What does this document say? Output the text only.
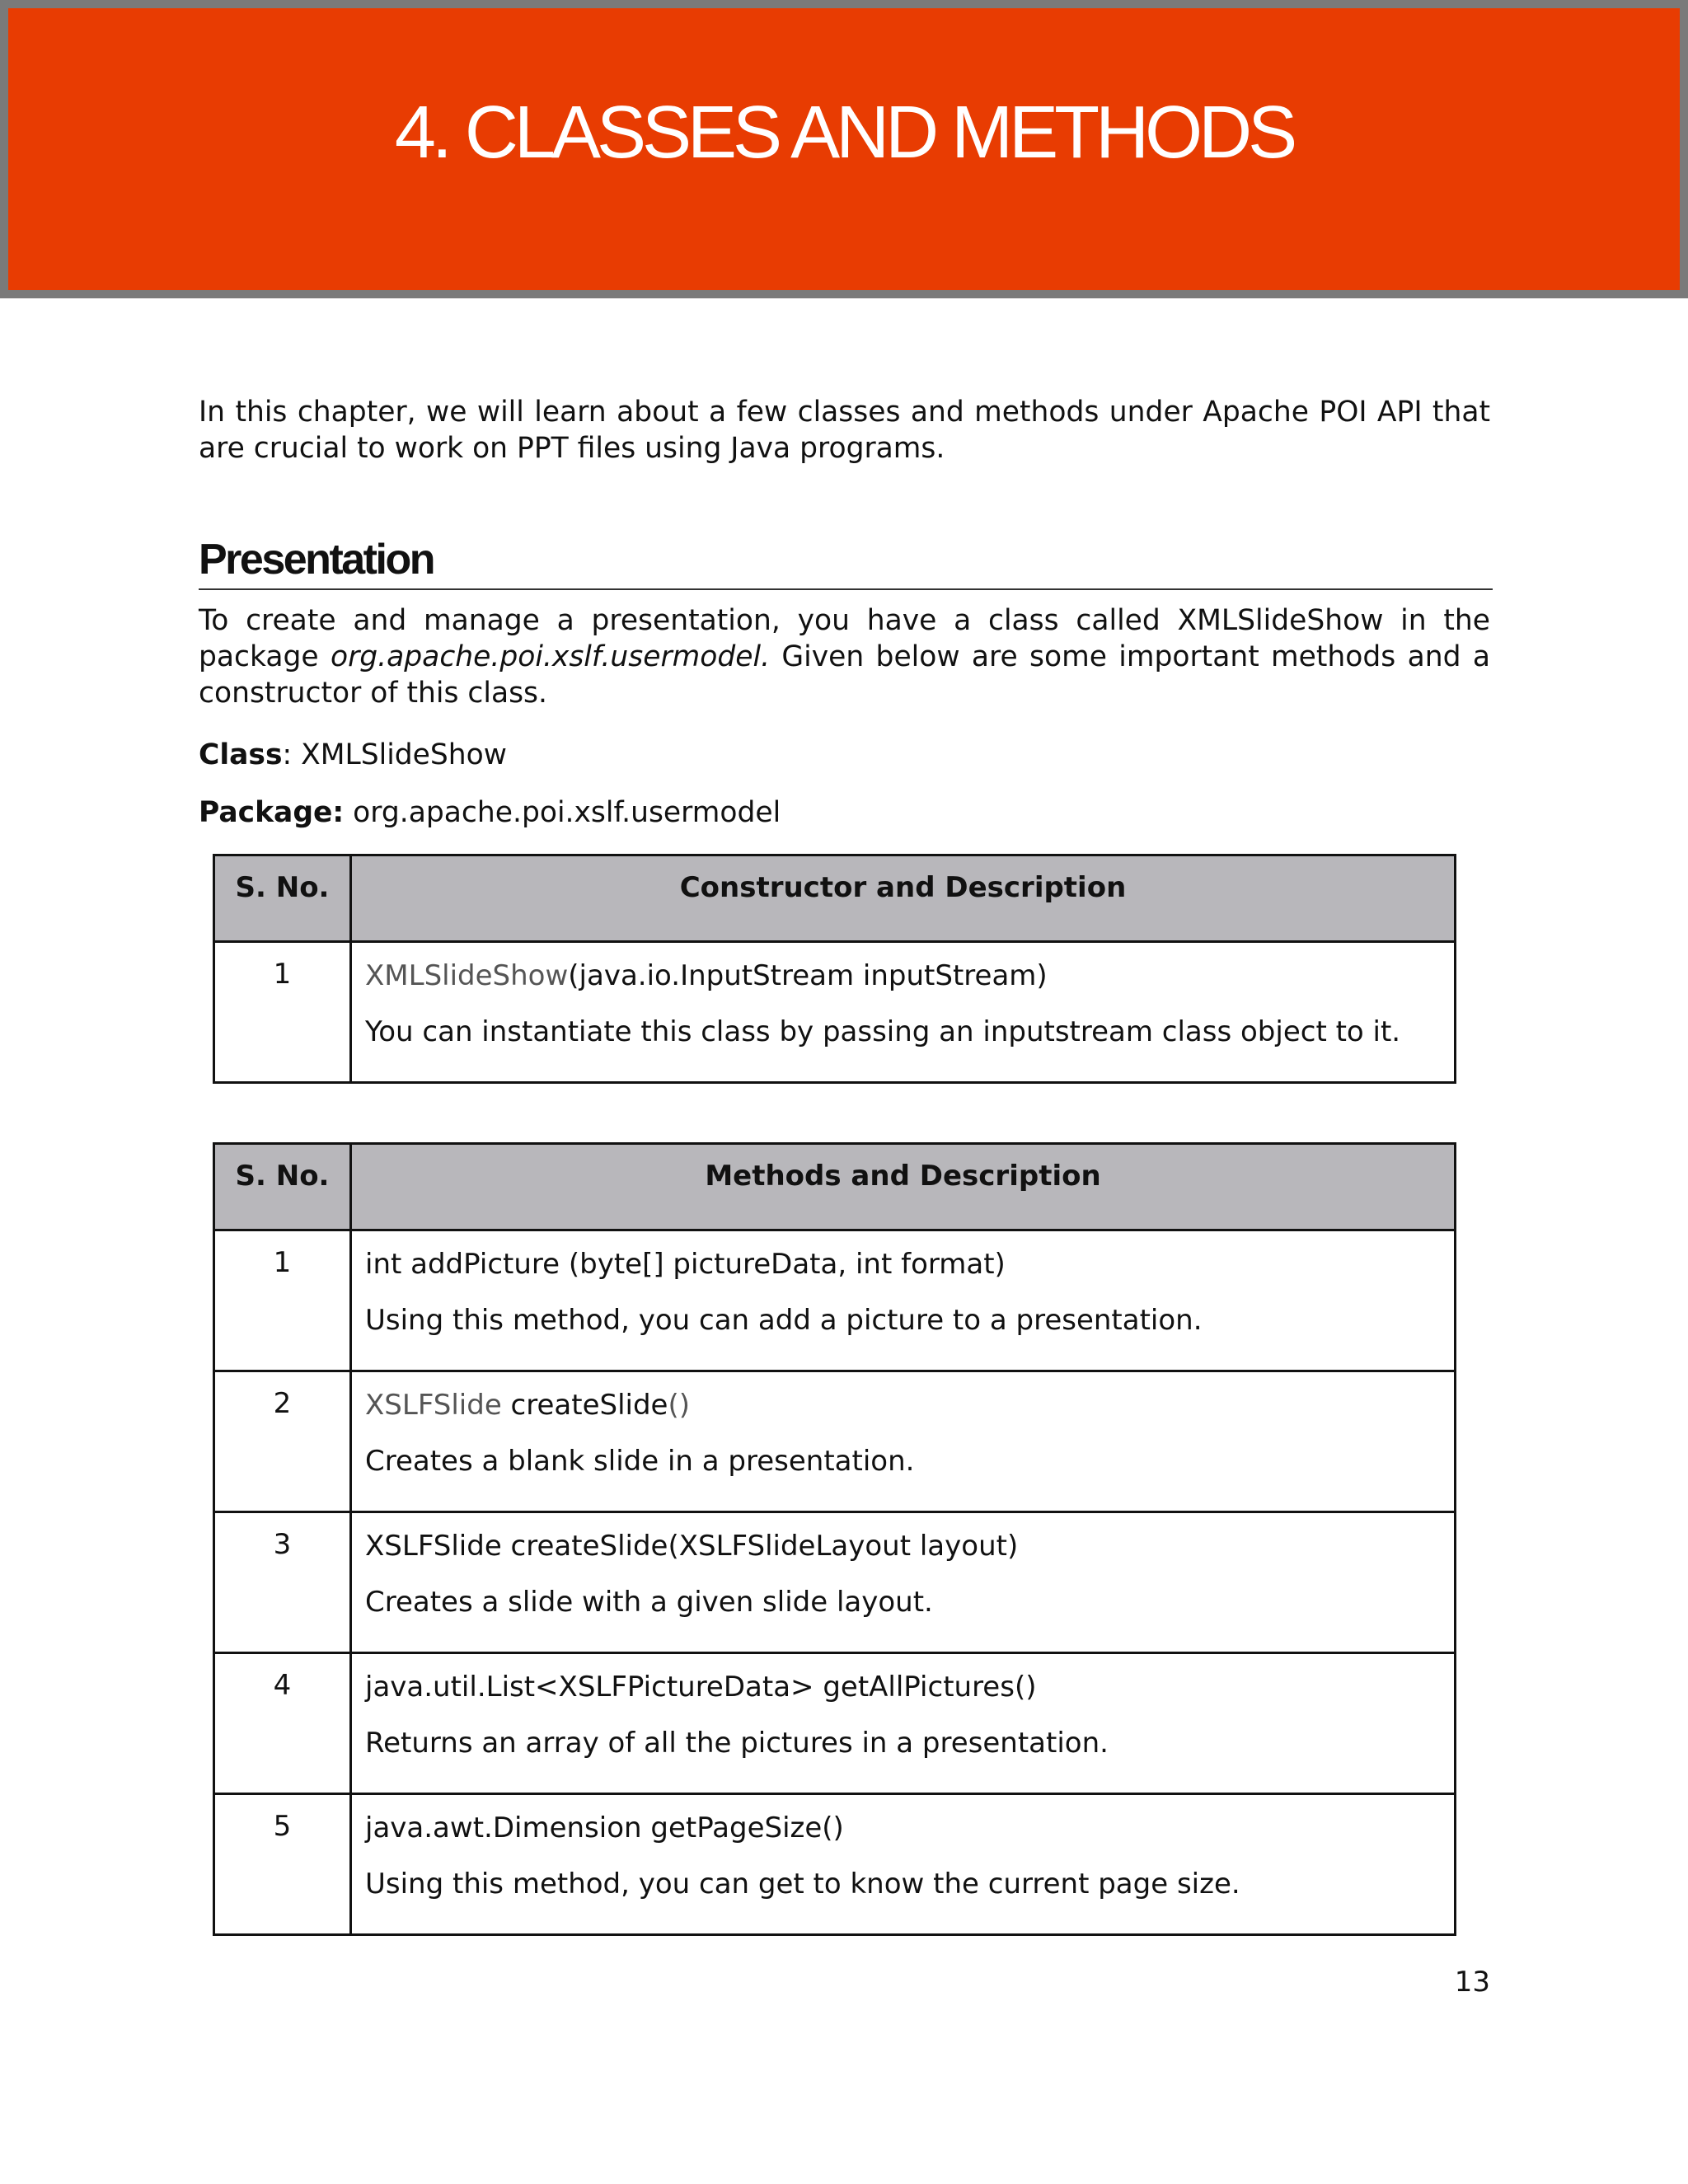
4. CLASSES AND METHODS

In this chapter, we will learn about a few classes and methods under Apache POI API that are crucial to work on PPT files using Java programs.

Presentation

To create and manage a presentation, you have a class called XMLSlideShow in the package org.apache.poi.xslf.usermodel. Given below are some important methods and a constructor of this class.

Class: XMLSlideShow
Package: org.apache.poi.xslf.usermodel
S. No.	Constructor and Description
1	XMLSlideShow(java.io.InputStream inputStream)
You can instantiate this class by passing an inputstream class object to it.
S. No.	Methods and Description
1	int addPicture (byte[] pictureData, int format)
Using this method, you can add a picture to a presentation.

2	XSLFSlide createSlide()
Creates a blank slide in a presentation.

3	XSLFSlide createSlide(XSLFSlideLayout layout)
Creates a slide with a given slide layout.

4	java.util.List<XSLFPictureData> getAllPictures()
Returns an array of all the pictures in a presentation.

5	java.awt.Dimension getPageSize()
Using this method, you can get to know the current page size.
13
